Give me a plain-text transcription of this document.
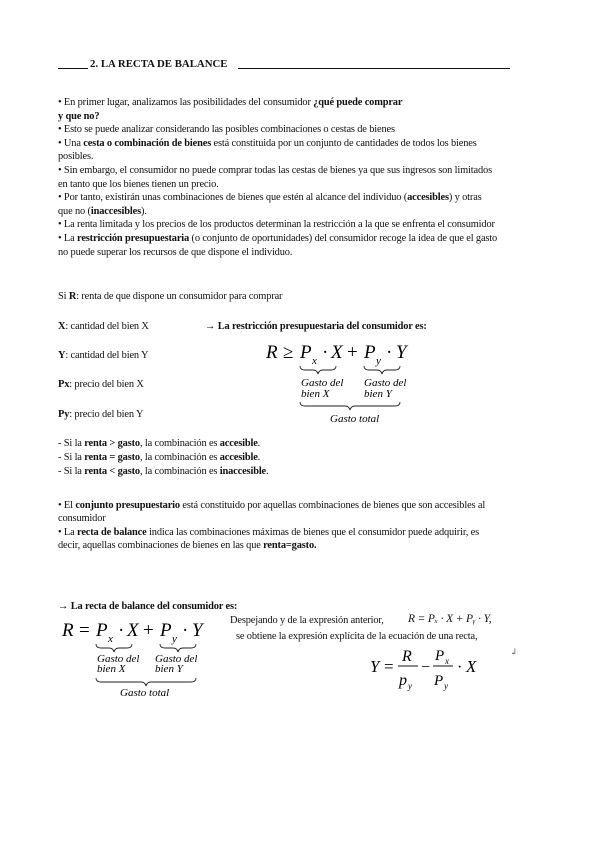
2. LA RECTA DE BALANCE
• En primer lugar, analizamos las posibilidades del consumidor ¿qué puede comprar
y que no?
• Esto se puede analizar considerando las posibles combinaciones o cestas de bienes
• Una cesta o combinación de bienes está constituida por un conjunto de cantidades de todos los bienes
posibles.
• Sin embargo, el consumidor no puede comprar todas las cestas de bienes ya que sus ingresos son limitados
en tanto que los bienes tienen un precio.
• Por tanto, existirán unas combinaciones de bienes que estén al alcance del individuo (accesibles) y otras
que no (inaccesibles).
• La renta limitada y los precios de los productos determinan la restricción a la que se enfrenta el consumidor
• La restricción presupuestaria (o conjunto de oportunidades) del consumidor recoge la idea de que el gasto
no puede superar los recursos de que dispone el individuo.
Si R: renta de que dispone un consumidor para comprar
X: cantidad del bien X
Y: cantidad del bien Y
Px: precio del bien X
Py: precio del bien Y
→ La restricción presupuestaria del consumidor es:
R ≥ P x · X + P y · Y
Gasto del
bien X
Gasto del
bien Y
Gasto total
- Si la renta > gasto, la combinación es accesible.
- Si la renta = gasto, la combinación es accesible.
- Si la renta < gasto, la combinación es inaccesible.
• El conjunto presupuestario está constituido por aquellas combinaciones de bienes que son accesibles al
consumidor
• La recta de balance indica las combinaciones máximas de bienes que el consumidor puede adquirir, es
decir, aquellas combinaciones de bienes en las que renta=gasto.
→ La recta de balance del consumidor es:
R = P x · X + P y · Y
Gasto del
bien X
Gasto del
bien Y
Gasto total
Despejando y de la expresión anterior, R = Pₓ · X + Pᵧ · Y,
se obtiene la expresión explícita de la ecuación de una recta,
Y =
R
p y
−
P x
P y
· X
↲
